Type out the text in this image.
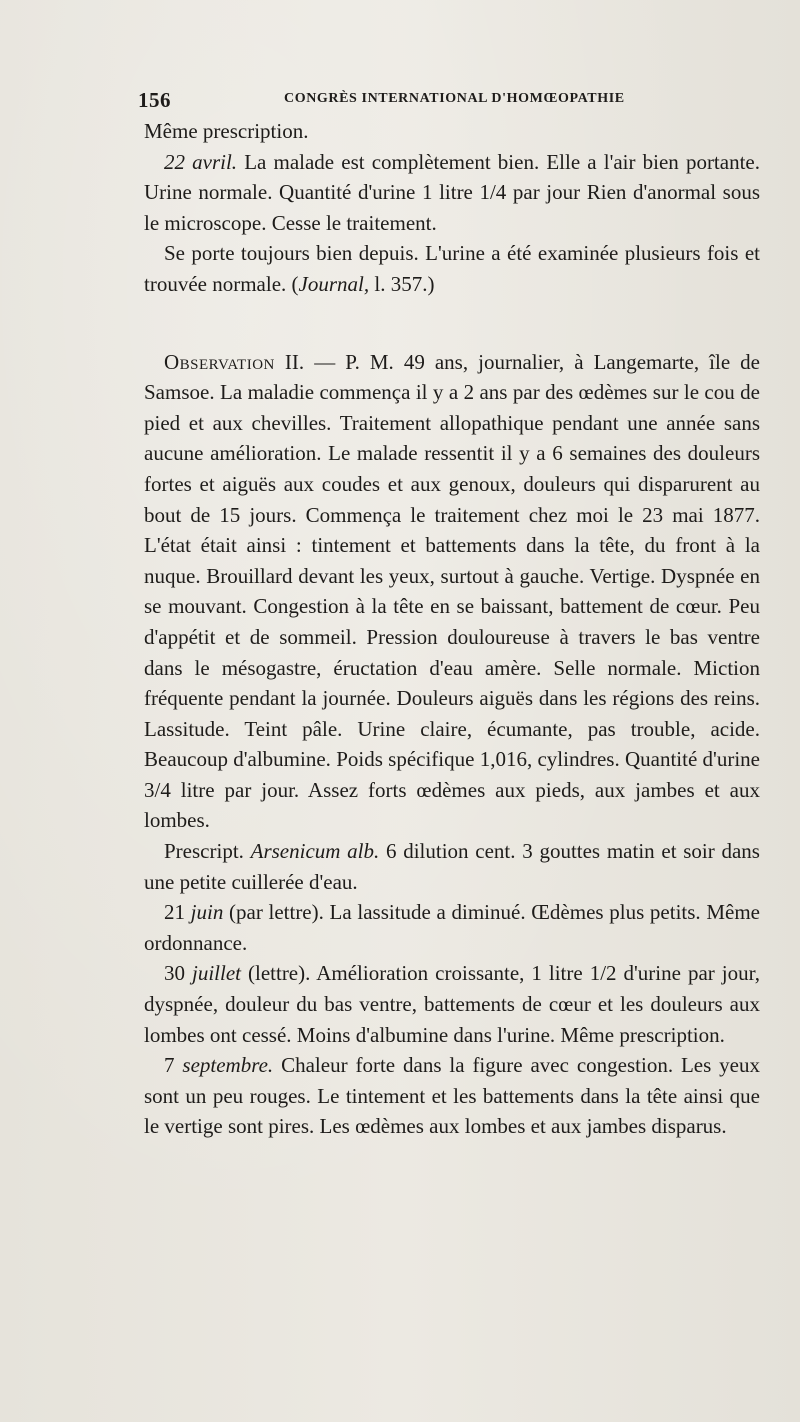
156	CONGRÈS INTERNATIONAL D'HOMŒOPATHIE

Même prescription.

22 avril. La malade est complètement bien. Elle a l'air bien portante. Urine normale. Quantité d'urine 1 litre 1/4 par jour Rien d'anormal sous le microscope. Cesse le traitement.

Se porte toujours bien depuis. L'urine a été examinée plusieurs fois et trouvée normale. (Journal, l. 357.)

Observation II. — P. M. 49 ans, journalier, à Langemarte, île de Samsoe. La maladie commença il y a 2 ans par des œdèmes sur le cou de pied et aux chevilles. Traitement allopathique pendant une année sans aucune amélioration. Le malade ressentit il y a 6 semaines des douleurs fortes et aiguës aux coudes et aux genoux, douleurs qui disparurent au bout de 15 jours. Commença le traitement chez moi le 23 mai 1877. L'état était ainsi : tintement et battements dans la tête, du front à la nuque. Brouillard devant les yeux, surtout à gauche. Vertige. Dyspnée en se mouvant. Congestion à la tête en se baissant, battement de cœur. Peu d'appétit et de sommeil. Pression douloureuse à travers le bas ventre dans le mésogastre, éructation d'eau amère. Selle normale. Miction fréquente pendant la journée. Douleurs aiguës dans les régions des reins. Lassitude. Teint pâle. Urine claire, écumante, pas trouble, acide. Beaucoup d'albumine. Poids spécifique 1,016, cylindres. Quantité d'urine 3/4 litre par jour. Assez forts œdèmes aux pieds, aux jambes et aux lombes.

Prescript. Arsenicum alb. 6 dilution cent. 3 gouttes matin et soir dans une petite cuillerée d'eau.

21 juin (par lettre). La lassitude a diminué. Œdèmes plus petits. Même ordonnance.

30 juillet (lettre). Amélioration croissante, 1 litre 1/2 d'urine par jour, dyspnée, douleur du bas ventre, battements de cœur et les douleurs aux lombes ont cessé. Moins d'albumine dans l'urine. Même prescription.

7 septembre. Chaleur forte dans la figure avec congestion. Les yeux sont un peu rouges. Le tintement et les battements dans la tête ainsi que le vertige sont pires. Les œdèmes aux lombes et aux jambes disparus.
